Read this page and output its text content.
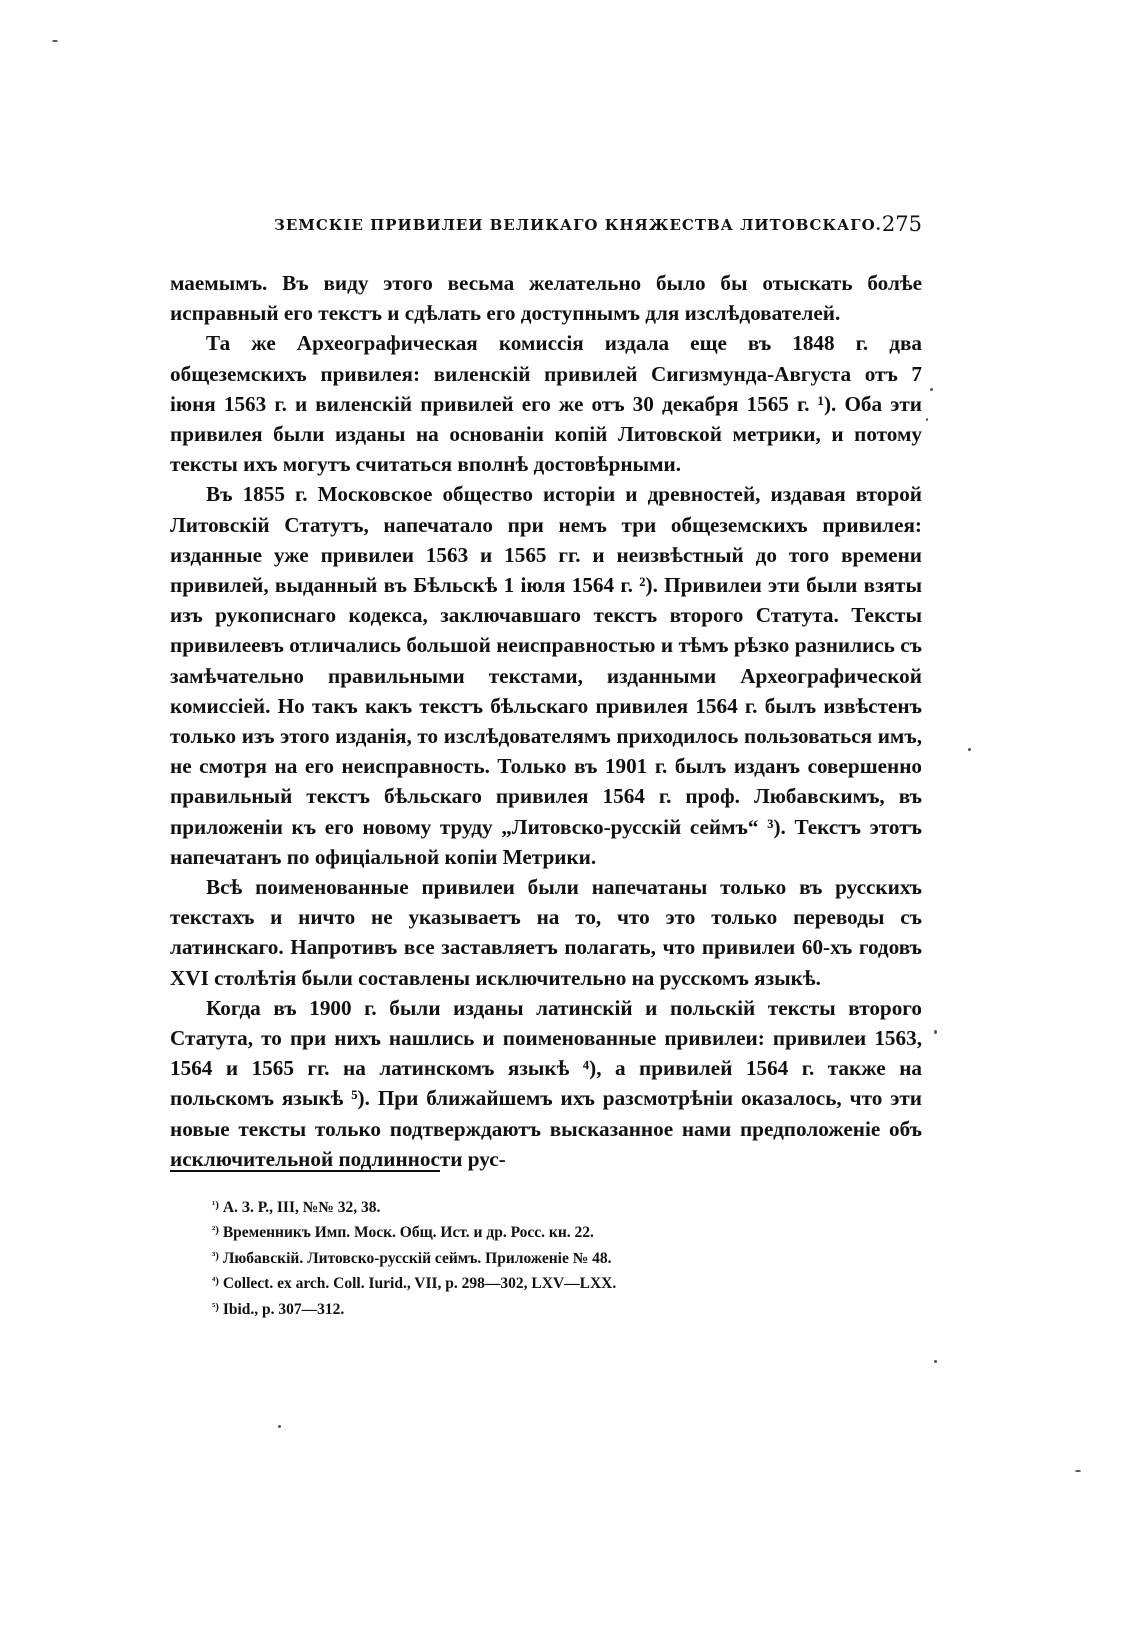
ЗЕМСКІЕ ПРИВИЛЕИ ВЕЛИКАГО КНЯЖЕСТВА ЛИТОВСКАГО. 275

маемымъ. Въ виду этого весьма желательно было бы отыскать болѣе исправный его текстъ и сдѣлать его доступнымъ для изслѣдователей.

Та же Археографическая комиссія издала еще въ 1848 г. два общеземскихъ привилея: виленскій привилей Сигизмунда-Августа отъ 7 іюня 1563 г. и виленскій привилей его же отъ 30 декабря 1565 г. ¹). Оба эти привилея были изданы на основаніи копій Литовской метрики, и потому тексты ихъ могутъ считаться вполнѣ достовѣрными.

Въ 1855 г. Московское общество исторіи и древностей, издавая второй Литовскій Статутъ, напечатало при немъ три общеземскихъ привилея: изданные уже привилеи 1563 и 1565 гг. и неизвѣстный до того времени привилей, выданный въ Бѣльскѣ 1 іюля 1564 г. ²). Привилеи эти были взяты изъ рукописнаго кодекса, заключавшаго текстъ второго Статута. Тексты привилеевъ отличались большой неисправностью и тѣмъ рѣзко разнились съ замѣчательно правильными текстами, изданными Археографической комиссіей. Но такъ какъ текстъ бѣльскаго привилея 1564 г. былъ извѣстенъ только изъ этого изданія, то изслѣдователямъ приходилось пользоваться имъ, не смотря на его неисправность. Только въ 1901 г. былъ изданъ совершенно правильный текстъ бѣльскаго привилея 1564 г. проф. Любавскимъ, въ приложеніи къ его новому труду „Литовско-русскій сеймъ“ ³). Текстъ этотъ напечатанъ по офиціальной копіи Метрики.

Всѣ поименованные привилеи были напечатаны только въ русскихъ текстахъ и ничто не указываетъ на то, что это только переводы съ латинскаго. Напротивъ все заставляетъ полагать, что привилеи 60-хъ годовъ XVI столѣтія были составлены исключительно на русскомъ языкѣ.

Когда въ 1900 г. были изданы латинскій и польскій тексты второго Статута, то при нихъ нашлись и поименованные привилеи: привилеи 1563, 1564 и 1565 гг. на латинскомъ языкѣ ⁴), а привилей 1564 г. также на польскомъ языкѣ ⁵). При ближайшемъ ихъ разсмотрѣніи оказалось, что эти новые тексты только подтверждаютъ высказанное нами предположеніе объ исключительной подлинности рус-

$^{^1)}$ А. З. Р., III, №№ 32, 38.
$^{^2)}$ Временникъ Имп. Моск. Общ. Ист. и др. Росс. кн. 22.
$^{^3)}$ Любавскій. Литовско-русскій сеймъ. Приложеніе № 48.
$^{^4)}$ Collect. ex arch. Coll. Iurid., VII, p. 298—302, LXV—LXX.
$^{^5)}$ Ibid., p. 307—312.
